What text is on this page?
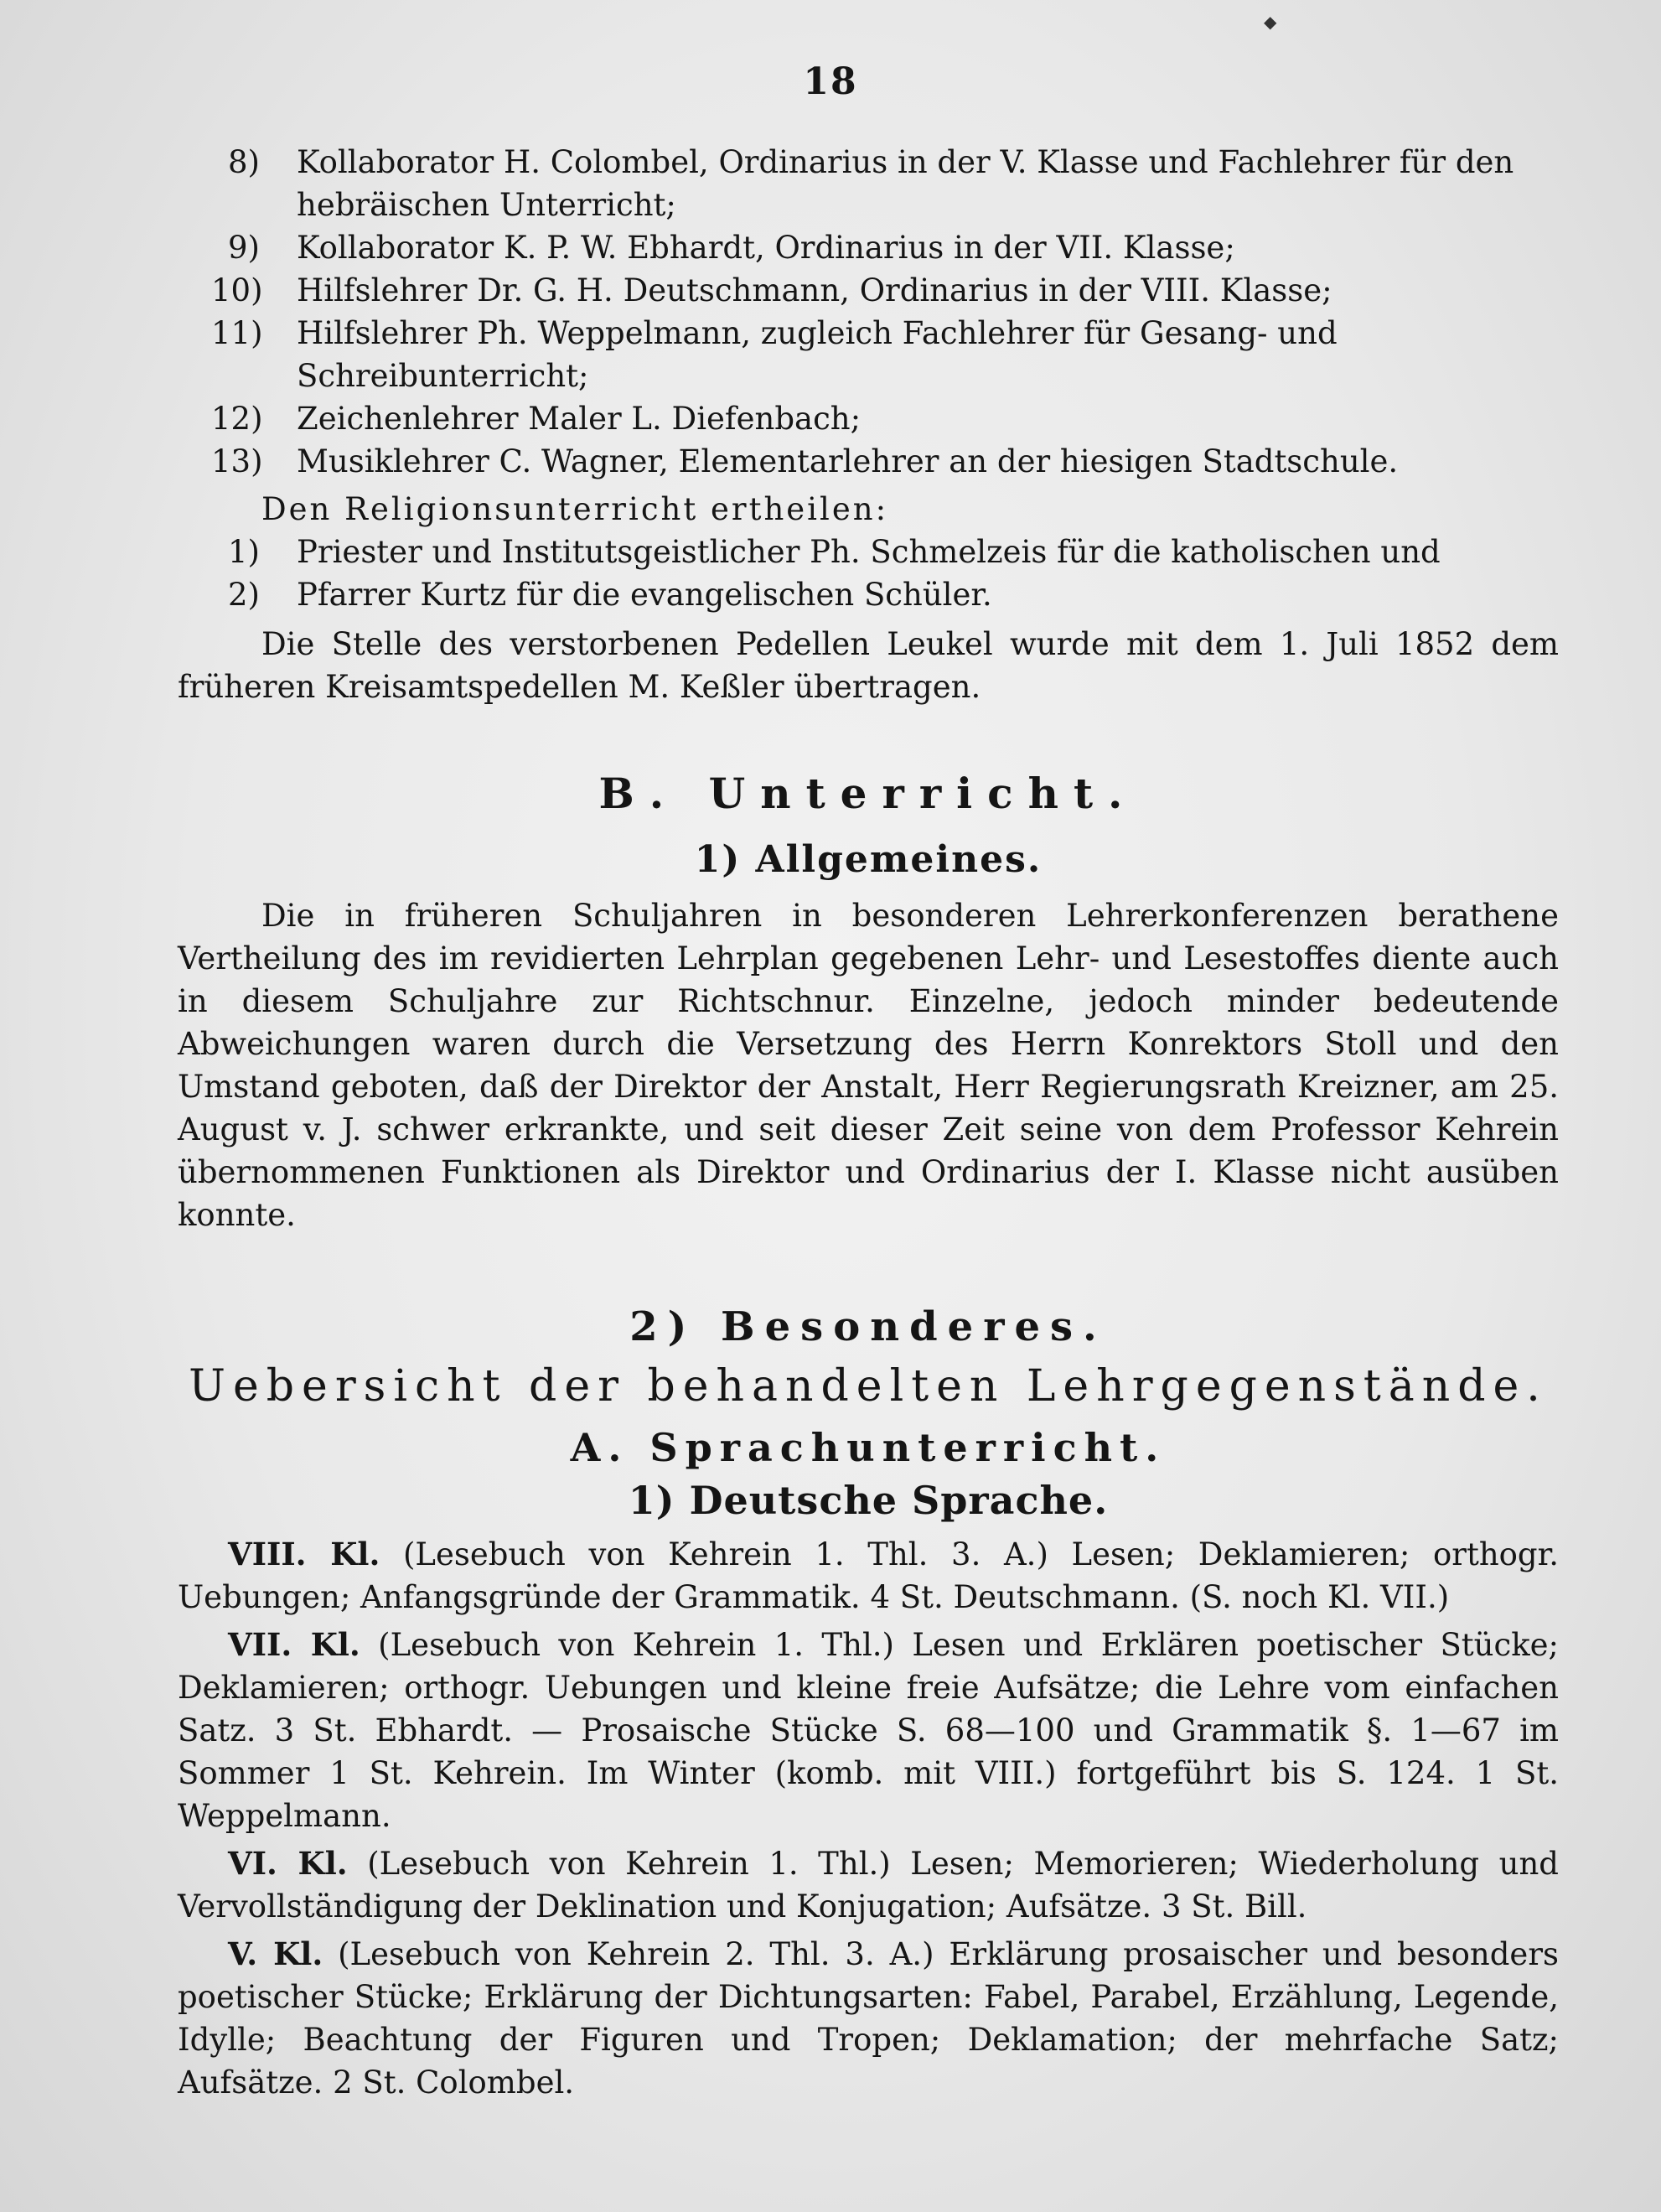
◆
18
8) Kollaborator H. Colombel, Ordinarius in der V. Klasse und Fachlehrer für den hebräischen Unterricht;
9) Kollaborator K. P. W. Ebhardt, Ordinarius in der VII. Klasse;
10) Hilfslehrer Dr. G. H. Deutschmann, Ordinarius in der VIII. Klasse;
11) Hilfslehrer Ph. Weppelmann, zugleich Fachlehrer für Gesang- und Schreibunterricht;
12) Zeichenlehrer Maler L. Diefenbach;
13) Musiklehrer C. Wagner, Elementarlehrer an der hiesigen Stadtschule.
Den Religionsunterricht ertheilen:
1) Priester und Institutsgeistlicher Ph. Schmelzeis für die katholischen und
2) Pfarrer Kurtz für die evangelischen Schüler.

Die Stelle des verstorbenen Pedellen Leukel wurde mit dem 1. Juli 1852 dem früheren Kreisamtspedellen M. Keßler übertragen.

B. Unterricht.
1) Allgemeines.

Die in früheren Schuljahren in besonderen Lehrerkonferenzen berathene Vertheilung des im revidierten Lehrplan gegebenen Lehr- und Lesestoffes diente auch in diesem Schuljahre zur Richtschnur. Einzelne, jedoch minder bedeutende Abweichungen waren durch die Versetzung des Herrn Konrektors Stoll und den Umstand geboten, daß der Direktor der Anstalt, Herr Regierungsrath Kreizner, am 25. August v. J. schwer erkrankte, und seit dieser Zeit seine von dem Professor Kehrein übernommenen Funktionen als Direktor und Ordinarius der I. Klasse nicht ausüben konnte.

2) Besonderes.
Uebersicht der behandelten Lehrgegenstände.
A. Sprachunterricht.
1) Deutsche Sprache.

VIII. Kl. (Lesebuch von Kehrein 1. Thl. 3. A.) Lesen; Deklamieren; orthogr. Uebungen; Anfangsgründe der Grammatik. 4 St. Deutschmann. (S. noch Kl. VII.)

VII. Kl. (Lesebuch von Kehrein 1. Thl.) Lesen und Erklären poetischer Stücke; Deklamieren; orthogr. Uebungen und kleine freie Aufsätze; die Lehre vom einfachen Satz. 3 St. Ebhardt. — Prosaische Stücke S. 68—100 und Grammatik §. 1—67 im Sommer 1 St. Kehrein. Im Winter (komb. mit VIII.) fortgeführt bis S. 124. 1 St. Weppelmann.

VI. Kl. (Lesebuch von Kehrein 1. Thl.) Lesen; Memorieren; Wiederholung und Vervollständigung der Deklination und Konjugation; Aufsätze. 3 St. Bill.

V. Kl. (Lesebuch von Kehrein 2. Thl. 3. A.) Erklärung prosaischer und besonders poetischer Stücke; Erklärung der Dichtungsarten: Fabel, Parabel, Erzählung, Legende, Idylle; Beachtung der Figuren und Tropen; Deklamation; der mehrfache Satz; Aufsätze. 2 St. Colombel.
